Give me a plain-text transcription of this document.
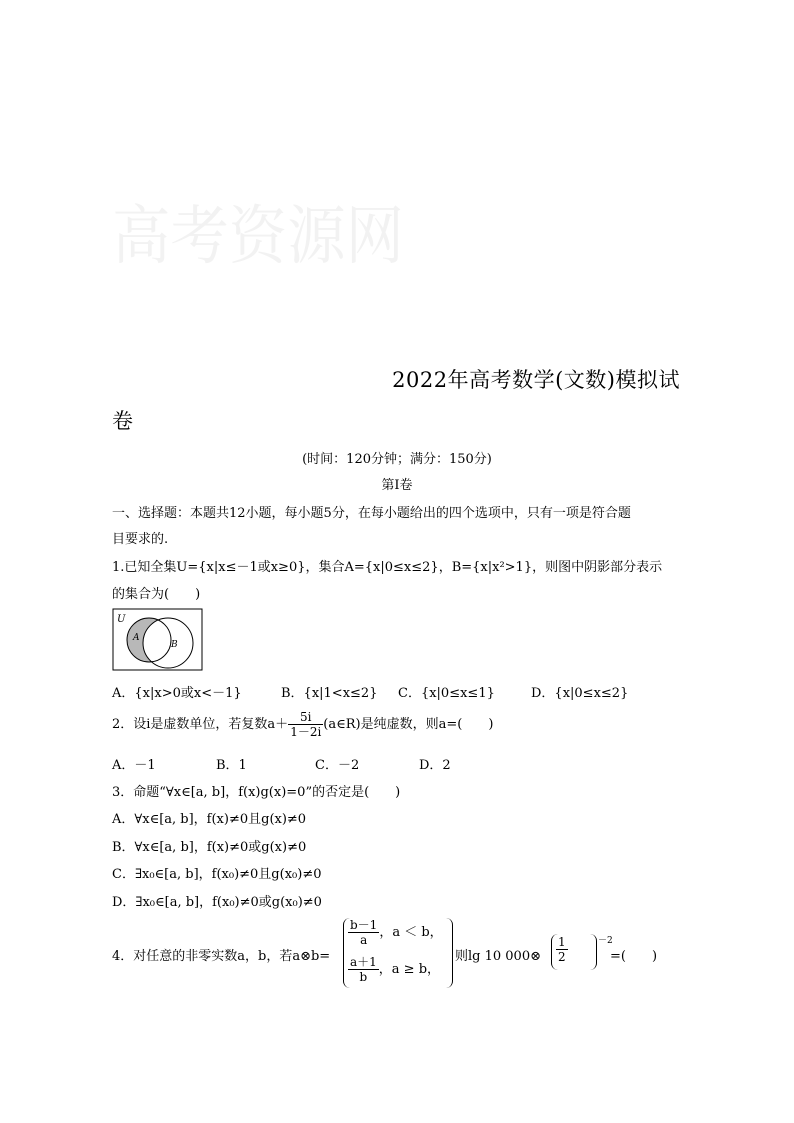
高考资源网
2022年高考数学(文数)模拟试
卷
(时间：120分钟；满分：150分)
第Ⅰ卷
一、选择题：本题共12小题，每小题5分，在每小题给出的四个选项中，只有一项是符合题
目要求的.
1.已知全集U={x|x≤－1或x≥0}，集合A={x|0≤x≤2}，B={x|x²>1}，则图中阴影部分表示
的集合为(　　)
U
A
B
A．{x|x>0或x<－1}	B．{x|1<x≤2} C．{x|0≤x≤1}	D．{x|0≤x≤2}
2．设i是虚数单位，若复数$a+ \frac{5i}{1-2i}$ (a∈R)是纯虚数，则a=(　　)
A．－1	B．1	C．－2	D．2
3．命题“∀x∈[a, b]，f(x)g(x)=0”的否定是(　　)
A．∀x∈[a, b]，f(x)≠0且g(x)≠0
B．∀x∈[a, b]，f(x)≠0或g(x)≠0
C．∃x₀∈[a, b]，f(x₀)≠0且g(x₀)≠0
D．∃x₀∈[a, b]，f(x₀)≠0或g(x₀)≠0
4．对任意的非零实数a，b，若a⊗b=
$\frac{b-1}{a}$ ，a ＜ b，
$\frac{a+1}{b}$ ，a ≥ b，
则lg 10 000⊗ $\frac{1}{2}$	－2
=(　　)
